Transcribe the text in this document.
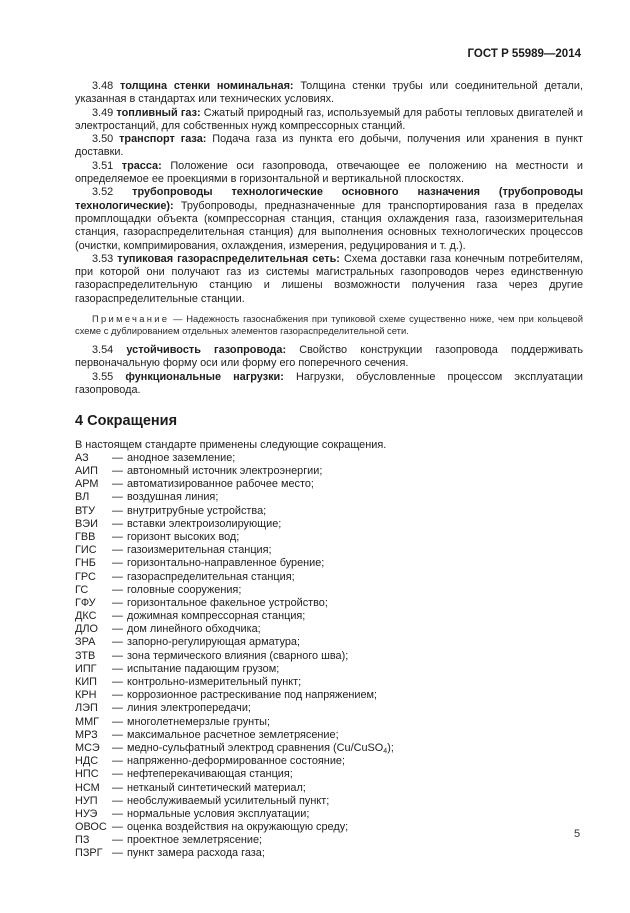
ГОСТ Р 55989—2014

3.48 толщина стенки номинальная: Толщина стенки трубы или соединительной детали, указанная в стандартах или технических условиях.

3.49 топливный газ: Сжатый природный газ, используемый для работы тепловых двигателей и электростанций, для собственных нужд компрессорных станций.

3.50 транспорт газа: Подача газа из пункта его добычи, получения или хранения в пункт доставки.

3.51 трасса: Положение оси газопровода, отвечающее ее положению на местности и определяемое ее проекциями в горизонтальной и вертикальной плоскостях.

3.52 трубопроводы технологические основного назначения (трубопроводы технологические): Трубопроводы, предназначенные для транспортирования газа в пределах промплощадки объекта (компрессорная станция, станция охлаждения газа, газоизмерительная станция, газораспределительная станция) для выполнения основных технологических процессов (очистки, компримирования, охлаждения, измерения, редуцирования и т. д.).

3.53 тупиковая газораспределительная сеть: Схема доставки газа конечным потребителям, при которой они получают газ из системы магистральных газопроводов через единственную газораспределительную станцию и лишены возможности получения газа через другие газораспределительные станции.

Примечание — Надежность газоснабжения при тупиковой схеме существенно ниже, чем при кольцевой схеме с дублированием отдельных элементов газораспределительной сети.

3.54 устойчивость газопровода: Свойство конструкции газопровода поддерживать первоначальную форму оси или форму его поперечного сечения.

3.55 функциональные нагрузки: Нагрузки, обусловленные процессом эксплуатации газопровода.

4 Сокращения

В настоящем стандарте применены следующие сокращения.

АЗ	— анодное заземление;
АИП	— автономный источник электроэнергии;
АРМ	— автоматизированное рабочее место;
ВЛ	— воздушная линия;
ВТУ	— внутритрубные устройства;
ВЭИ	— вставки электроизолирующие;
ГВВ	— горизонт высоких вод;
ГИС	— газоизмерительная станция;
ГНБ	— горизонтально-направленное бурение;
ГРС	— газораспределительная станция;
ГС	— головные сооружения;
ГФУ	— горизонтальное факельное устройство;
ДКС	— дожимная компрессорная станция;
ДЛО	— дом линейного обходчика;
ЗРА	— запорно-регулирующая арматура;
ЗТВ	— зона термического влияния (сварного шва);
ИПГ	— испытание падающим грузом;
КИП	— контрольно-измерительный пункт;
КРН	— коррозионное растрескивание под напряжением;
ЛЭП	— линия электропередачи;
ММГ	— многолетнемерзлые грунты;
МРЗ	— максимальное расчетное землетрясение;
МСЭ	— медно-сульфатный электрод сравнения (Cu/CuSO$_4$);
НДС	— напряженно-деформированное состояние;
НПС	— нефтеперекачивающая станция;
НСМ	— нетканый синтетический материал;
НУП	— необслуживаемый усилительный пункт;
НУЭ	— нормальные условия эксплуатации;
ОВОС — оценка воздействия на окружающую среду;
ПЗ	— проектное землетрясение;
ПЗРГ — пункт замера расхода газа;
5
